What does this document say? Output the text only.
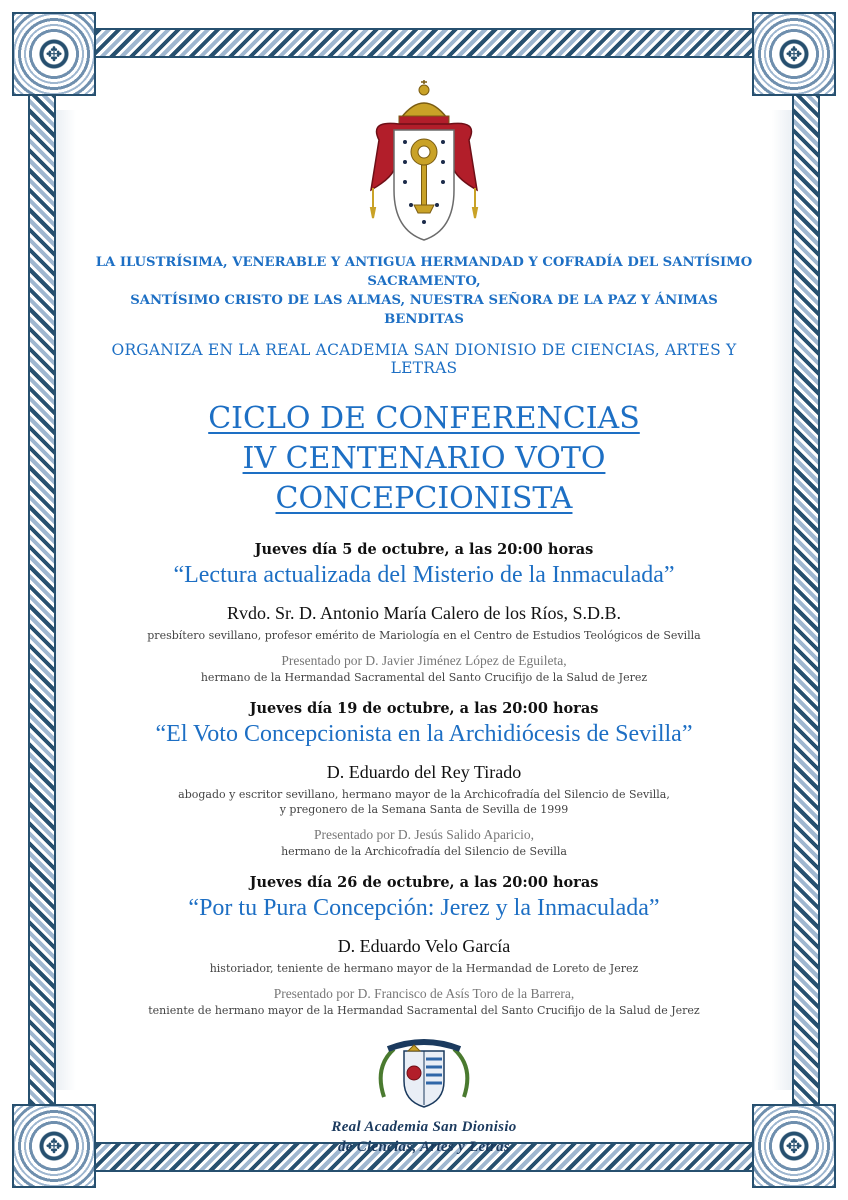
✥	✥
✥	✥
LA ILUSTRÍSIMA, VENERABLE Y ANTIGUA HERMANDAD Y COFRADÍA DEL SANTÍSIMO SACRAMENTO,
SANTÍSIMO CRISTO DE LAS ALMAS, NUESTRA SEÑORA DE LA PAZ Y ÁNIMAS BENDITAS
ORGANIZA EN LA REAL ACADEMIA SAN DIONISIO DE CIENCIAS, ARTES Y LETRAS
CICLO DE CONFERENCIAS
IV CENTENARIO VOTO CONCEPCIONISTA
Jueves día 5 de octubre, a las 20:00 horas
“Lectura actualizada del Misterio de la Inmaculada”
Rvdo. Sr. D. Antonio María Calero de los Ríos, S.D.B.
presbítero sevillano, profesor emérito de Mariología en el Centro de Estudios Teológicos de Sevilla
Presentado por D. Javier Jiménez López de Eguileta,
hermano de la Hermandad Sacramental del Santo Crucifijo de la Salud de Jerez
Jueves día 19 de octubre, a las 20:00 horas
“El Voto Concepcionista en la Archidiócesis de Sevilla”
D. Eduardo del Rey Tirado
abogado y escritor sevillano, hermano mayor de la Archicofradía del Silencio de Sevilla,
y pregonero de la Semana Santa de Sevilla de 1999
Presentado por D. Jesús Salido Aparicio,
hermano de la Archicofradía del Silencio de Sevilla
Jueves día 26 de octubre, a las 20:00 horas
“Por tu Pura Concepción: Jerez y la Inmaculada”
D. Eduardo Velo García
historiador, teniente de hermano mayor de la Hermandad de Loreto de Jerez
Presentado por D. Francisco de Asís Toro de la Barrera,
teniente de hermano mayor de la Hermandad Sacramental del Santo Crucifijo de la Salud de Jerez
Real Academia San Dionisio
de Ciencias, Artes y Letras
